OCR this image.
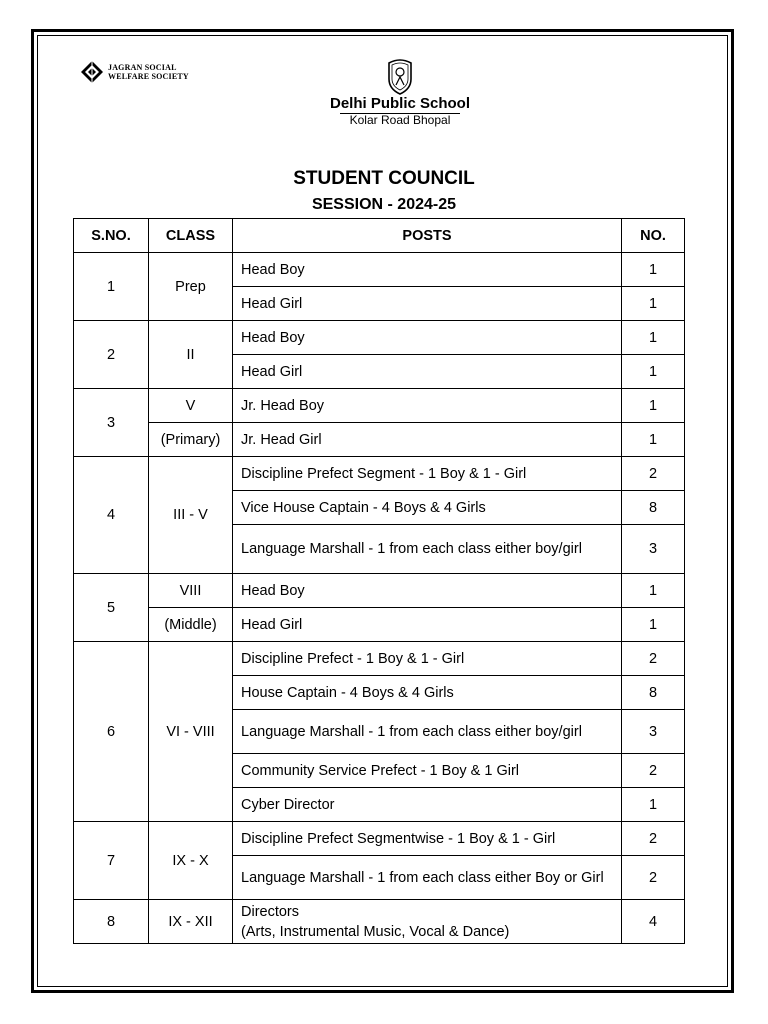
JAGRAN SOCIAL
WELFARE SOCIETY
Delhi Public School
Kolar Road Bhopal
STUDENT COUNCIL
SESSION - 2024-25
S.NO.	CLASS	POSTS	NO.
1	Prep	Head Boy	1
		Head Girl	1
2	II	Head Boy	1
		Head Girl	1
3	V	Jr. Head Boy	1
	(Primary)	Jr. Head Girl	1
4	III - V	Discipline Prefect Segment - 1 Boy & 1 - Girl	2
		Vice House Captain - 4 Boys & 4 Girls	8
		Language Marshall - 1 from each class either boy/girl	3
5	VIII	Head Boy	1
	(Middle)	Head Girl	1
6	VI - VIII	Discipline Prefect - 1 Boy & 1 - Girl	2
		House Captain - 4 Boys & 4 Girls	8
		Language Marshall - 1 from each class either boy/girl	3
		Community Service Prefect - 1 Boy & 1 Girl	2
		Cyber Director	1
7	IX - X	Discipline Prefect Segmentwise - 1 Boy & 1 - Girl	2
		Language Marshall - 1 from each class either Boy or Girl	2
8	IX - XII	Directors
(Arts, Instrumental Music, Vocal & Dance)	4
